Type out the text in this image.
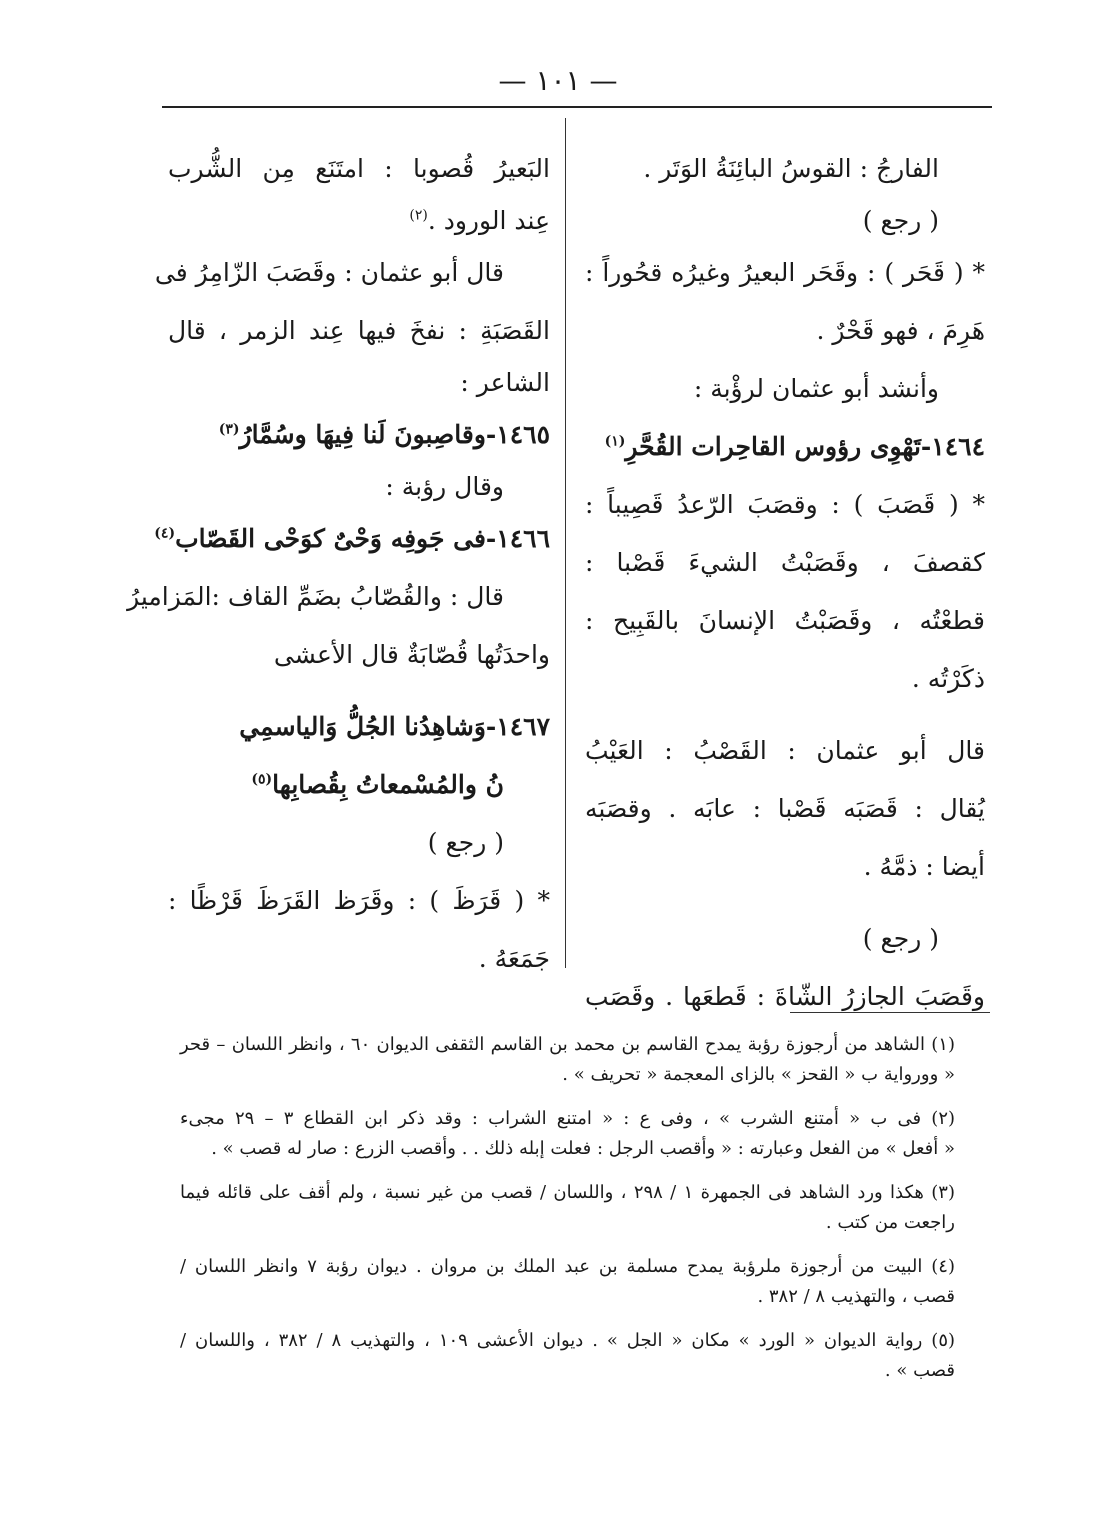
— ١٠١ —
الفارجُ : القوسُ البائِنَةُ الوَتَر .
( رجع )
* ( قَحَر ) : وقَحَر البعيرُ وغيرُه قحُوراً :
هَرِمَ ، فهو قَحْرٌ .
وأنشد أبو عثمان لرؤْبة :
١٤٦٤-تَهْوِى رؤوس القاحِرات القُحَّرِ$^{(١)}$
* ( قَصَبَ ) : وقصَبَ الرّعدُ قَصِيباً :
كقصفَ ، وقَصَبْتُ الشيءَ قَصْبا :
قطعْتُه ، وقَصَبْتُ الإنسانَ بالقَبِيح :
ذكَرْتُه .
قال أبو عثمان : القَصْبُ : العَيْبُ
يُقال : قَصَبَه قَصْبا : عابَه . وقصَبَه
أيضا : ذمَّهُ .
( رجع )
وقَصَبَ الجازرُ الشّاةَ : قَطعَها . وقَصَب
البَعيرُ قُصوبا : امتَنَع مِن الشُّرب
عِند الورود .$^{(٢)}$
قال أبو عثمان : وقَصَبَ الزّامِرُ فى
القَصَبَةِ : نفخَ فيها عِند الزمر ، قال
الشاعر :
١٤٦٥-وقاصِبونَ لَنا فِيهَا وسُمَّارُ$^{(٣)}$
وقال رؤبة :
١٤٦٦-فى جَوفِه وَحْىٌ كوَحْى القَصّاب$^{(٤)}$
قال : والقُصّابُ بضَمِّ القاف :المَزاميرُ
واحدَتُها قُصّابَةٌ قال الأعشى
١٤٦٧-وَشاهِدُنا الجُلُّ وَالياسمِي
نُ والمُسْمعاتُ بِقُصابِها$^{(٥)}$
( رجع )
* ( قَرَظَ ) : وقَرَظ القَرَظَ قَرْظًا :
جَمَعَهُ .
(١) الشاهد من أرجوزة رؤبة يمدح القاسم بن محمد بن القاسم الثقفى الديوان ٦٠ ، وانظر اللسان – قحر
« وورواية ب « القحز » بالزاى المعجمة « تحريف » .
(٢) فى ب « أمتنع الشرب » ، وفى ع : « امتنع الشراب : وقد ذكر ابن القطاع ٣ – ٢٩ مجىء
« أفعل » من الفعل وعبارته : « وأقصب الرجل : فعلت إبله ذلك . . وأقصب الزرع : صار له قصب » .
(٣) هكذا ورد الشاهد فى الجمهرة ١ / ٢٩٨ ، واللسان / قصب من غير نسبة ، ولم أقف على قائله فيما
راجعت من كتب .
(٤) البيت من أرجوزة ملرؤبة يمدح مسلمة بن عبد الملك بن مروان . ديوان رؤبة ٧ وانظر اللسان /
قصب ، والتهذيب ٨ / ٣٨٢ .
(٥) رواية الديوان « الورد » مكان « الجل » . ديوان الأعشى ١٠٩ ، والتهذيب ٨ / ٣٨٢ ، واللسان /
قصب » .
